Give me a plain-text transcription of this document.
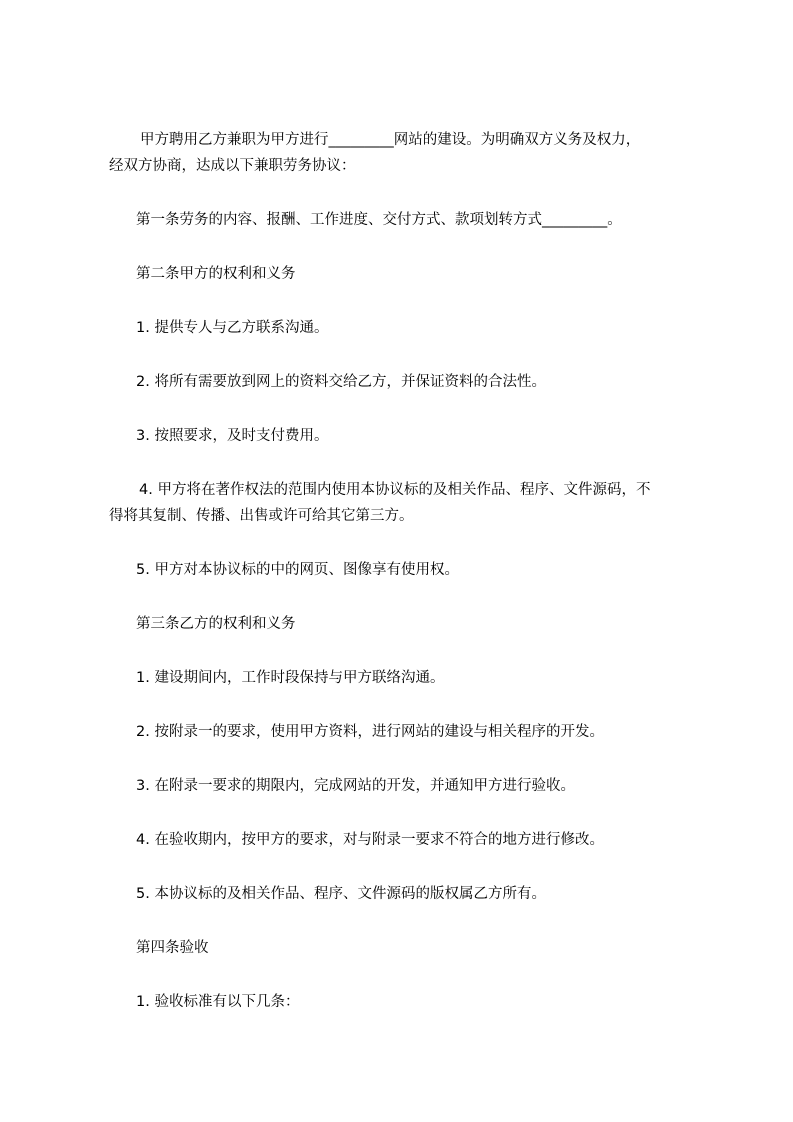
甲方聘用乙方兼职为甲方进行_________网站的建设。为明确双方义务及权力，

经双方协商，达成以下兼职劳务协议：

第一条劳务的内容、报酬、工作进度、交付方式、款项划转方式_________。

第二条甲方的权利和义务

1. 提供专人与乙方联系沟通。

2. 将所有需要放到网上的资料交给乙方，并保证资料的合法性。

3. 按照要求，及时支付费用。

4. 甲方将在著作权法的范围内使用本协议标的及相关作品、程序、文件源码，不

得将其复制、传播、出售或许可给其它第三方。

5. 甲方对本协议标的中的网页、图像享有使用权。

第三条乙方的权利和义务

1. 建设期间内，工作时段保持与甲方联络沟通。

2. 按附录一的要求，使用甲方资料，进行网站的建设与相关程序的开发。

3. 在附录一要求的期限内，完成网站的开发，并通知甲方进行验收。

4. 在验收期内，按甲方的要求，对与附录一要求不符合的地方进行修改。

5. 本协议标的及相关作品、程序、文件源码的版权属乙方所有。

第四条验收

1. 验收标准有以下几条：
